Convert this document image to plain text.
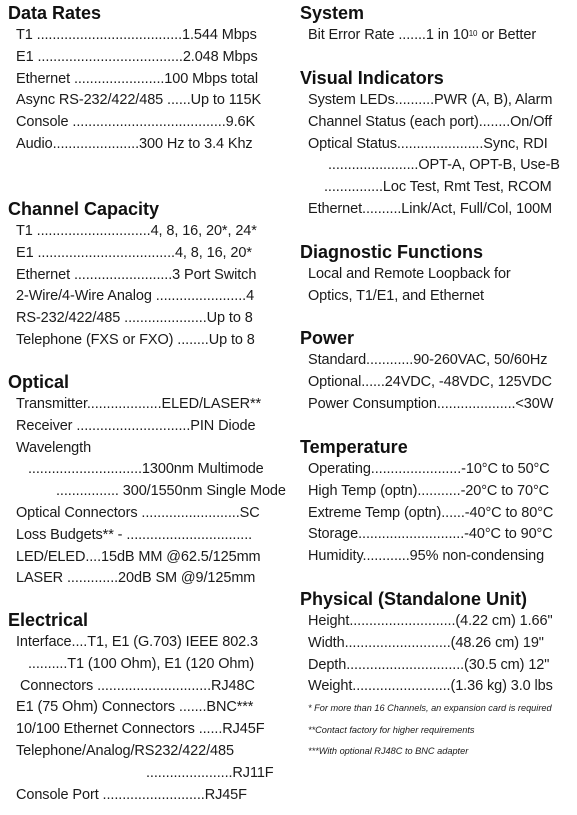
Data Rates
T1 .....................................1.544 Mbps
E1 .....................................2.048 Mbps
Ethernet .......................100 Mbps total
Async RS-232/422/485 ......Up to 115K
Console .......................................9.6K
Audio......................300 Hz to 3.4 Khz
Channel Capacity
T1 .............................4, 8, 16, 20*, 24*
E1 ...................................4, 8, 16, 20*
Ethernet .........................3 Port Switch
2-Wire/4-Wire Analog .......................4
RS-232/422/485 .....................Up to 8
Telephone (FXS or FXO) ........Up to 8
Optical
Transmitter...................ELED/LASER**
Receiver .............................PIN Diode
Wavelength
.............................1300nm Multimode
................ 300/1550nm Single Mode
Optical Connectors .........................SC
Loss Budgets** - ................................
LED/ELED....15dB MM @62.5/125mm
LASER .............20dB SM @9/125mm
Electrical
Interface....T1, E1 (G.703) IEEE 802.3
..........T1 (100 Ohm), E1 (120 Ohm)
Connectors .............................RJ48C
E1 (75 Ohm) Connectors .......BNC***
10/100 Ethernet Connectors ......RJ45F
Telephone/Analog/RS232/422/485
......................RJ11F
Console Port ..........................RJ45F
System
Bit Error Rate .......1 in $10^{10}$ or Better
Visual Indicators
System LEDs..........PWR (A, B), Alarm
Channel Status (each port)........On/Off
Optical Status......................Sync, RDI
.......................OPT-A, OPT-B, Use-B
...............Loc Test, Rmt Test, RCOM
Ethernet..........Link/Act, Full/Col, 100M
Diagnostic Functions
Local and Remote Loopback for
Optics, T1/E1, and Ethernet
Power
Standard............90-260VAC, 50/60Hz
Optional......24VDC, -48VDC, 125VDC
Power Consumption....................<30W
Temperature
Operating.......................-10°C to 50°C
High Temp (optn)...........-20°C to 70°C
Extreme Temp (optn)......-40°C to 80°C
Storage...........................-40°C to 90°C
Humidity............95% non-condensing
Physical (Standalone Unit)
Height...........................(4.22 cm) 1.66"
Width...........................(48.26 cm) 19"
Depth..............................(30.5 cm) 12"
Weight.........................(1.36 kg) 3.0 lbs
* For more than 16 Channels, an expansion card is required
**Contact factory for higher requirements
***With optional RJ48C to BNC adapter
